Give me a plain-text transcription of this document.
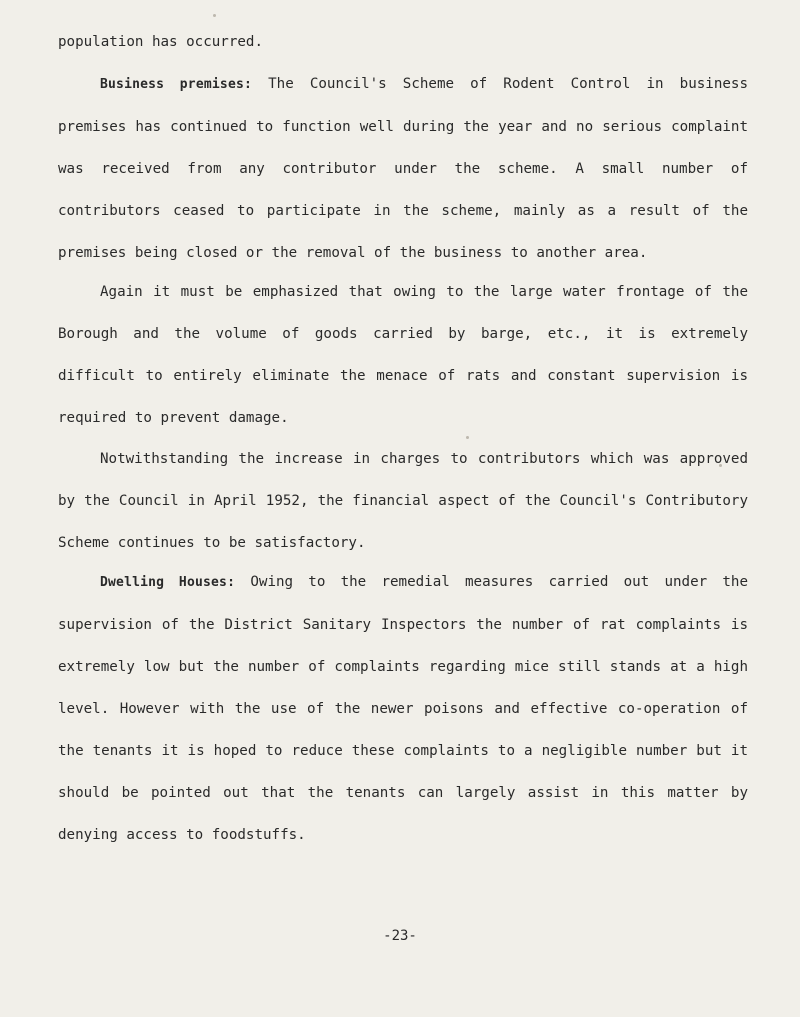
population has occurred.
Business premises: The Council's Scheme of Rodent Control in business premises has continued to function well during the year and no serious complaint was received from any contributor under the scheme. A small number of contributors ceased to participate in the scheme, mainly as a result of the premises being closed or the removal of the business to another area.
Again it must be emphasized that owing to the large water frontage of the Borough and the volume of goods carried by barge, etc., it is extremely difficult to entirely eliminate the menace of rats and constant supervision is required to prevent damage.
Notwithstanding the increase in charges to contributors which was approved by the Council in April 1952, the financial aspect of the Council's Contributory Scheme continues to be satisfactory.
Dwelling Houses: Owing to the remedial measures carried out under the supervision of the District Sanitary Inspectors the number of rat complaints is extremely low but the number of complaints regarding mice still stands at a high level. However with the use of the newer poisons and effective co-operation of the tenants it is hoped to reduce these complaints to a negligible number but it should be pointed out that the tenants can largely assist in this matter by denying access to foodstuffs.
-23-
